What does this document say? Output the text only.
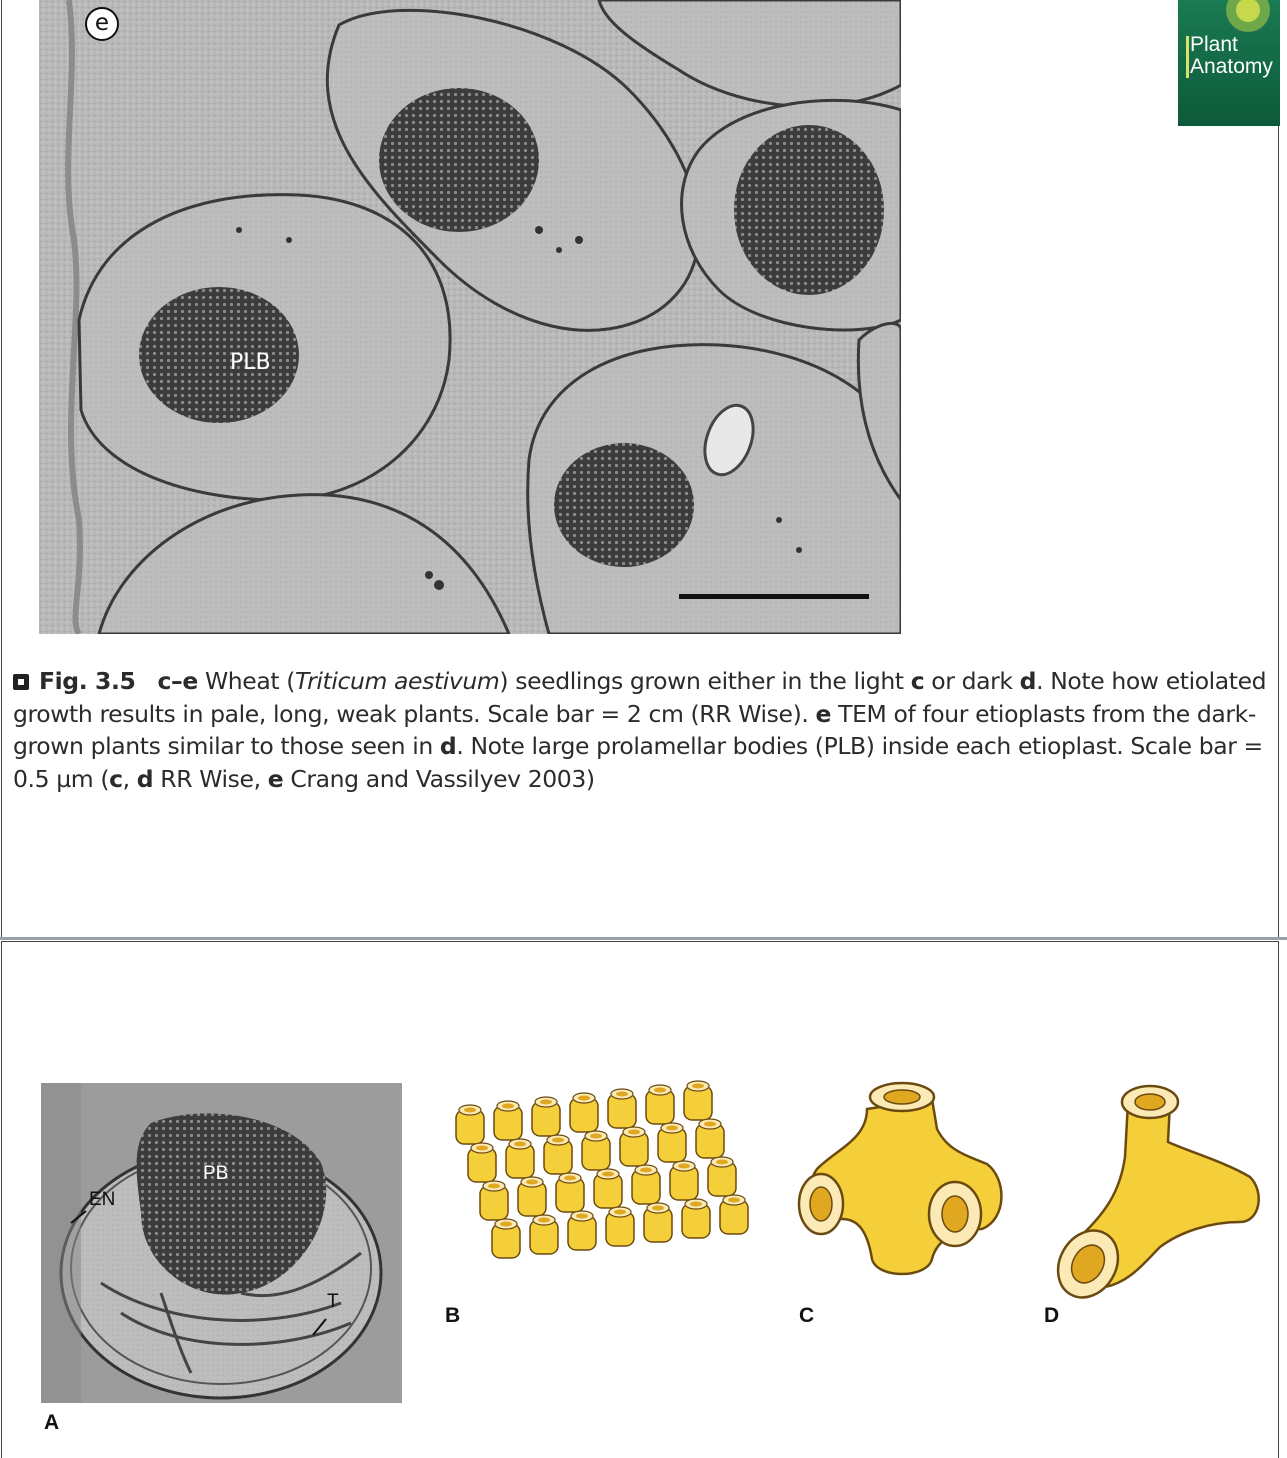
e
PLB
Plant
Anatomy
Fig. 3.5 c–e Wheat (Triticum aestivum) seedlings grown either in the light c or dark d. Note how etiolated growth results in pale, long, weak plants. Scale bar = 2 cm (RR Wise). e TEM of four etioplasts from the dark-grown plants similar to those seen in d. Note large prolamellar bodies (PLB) inside each etioplast. Scale bar = 0.5 µm (c, d RR Wise, e Crang and Vassilyev 2003)
PB
EN
T
A
B	C	D
